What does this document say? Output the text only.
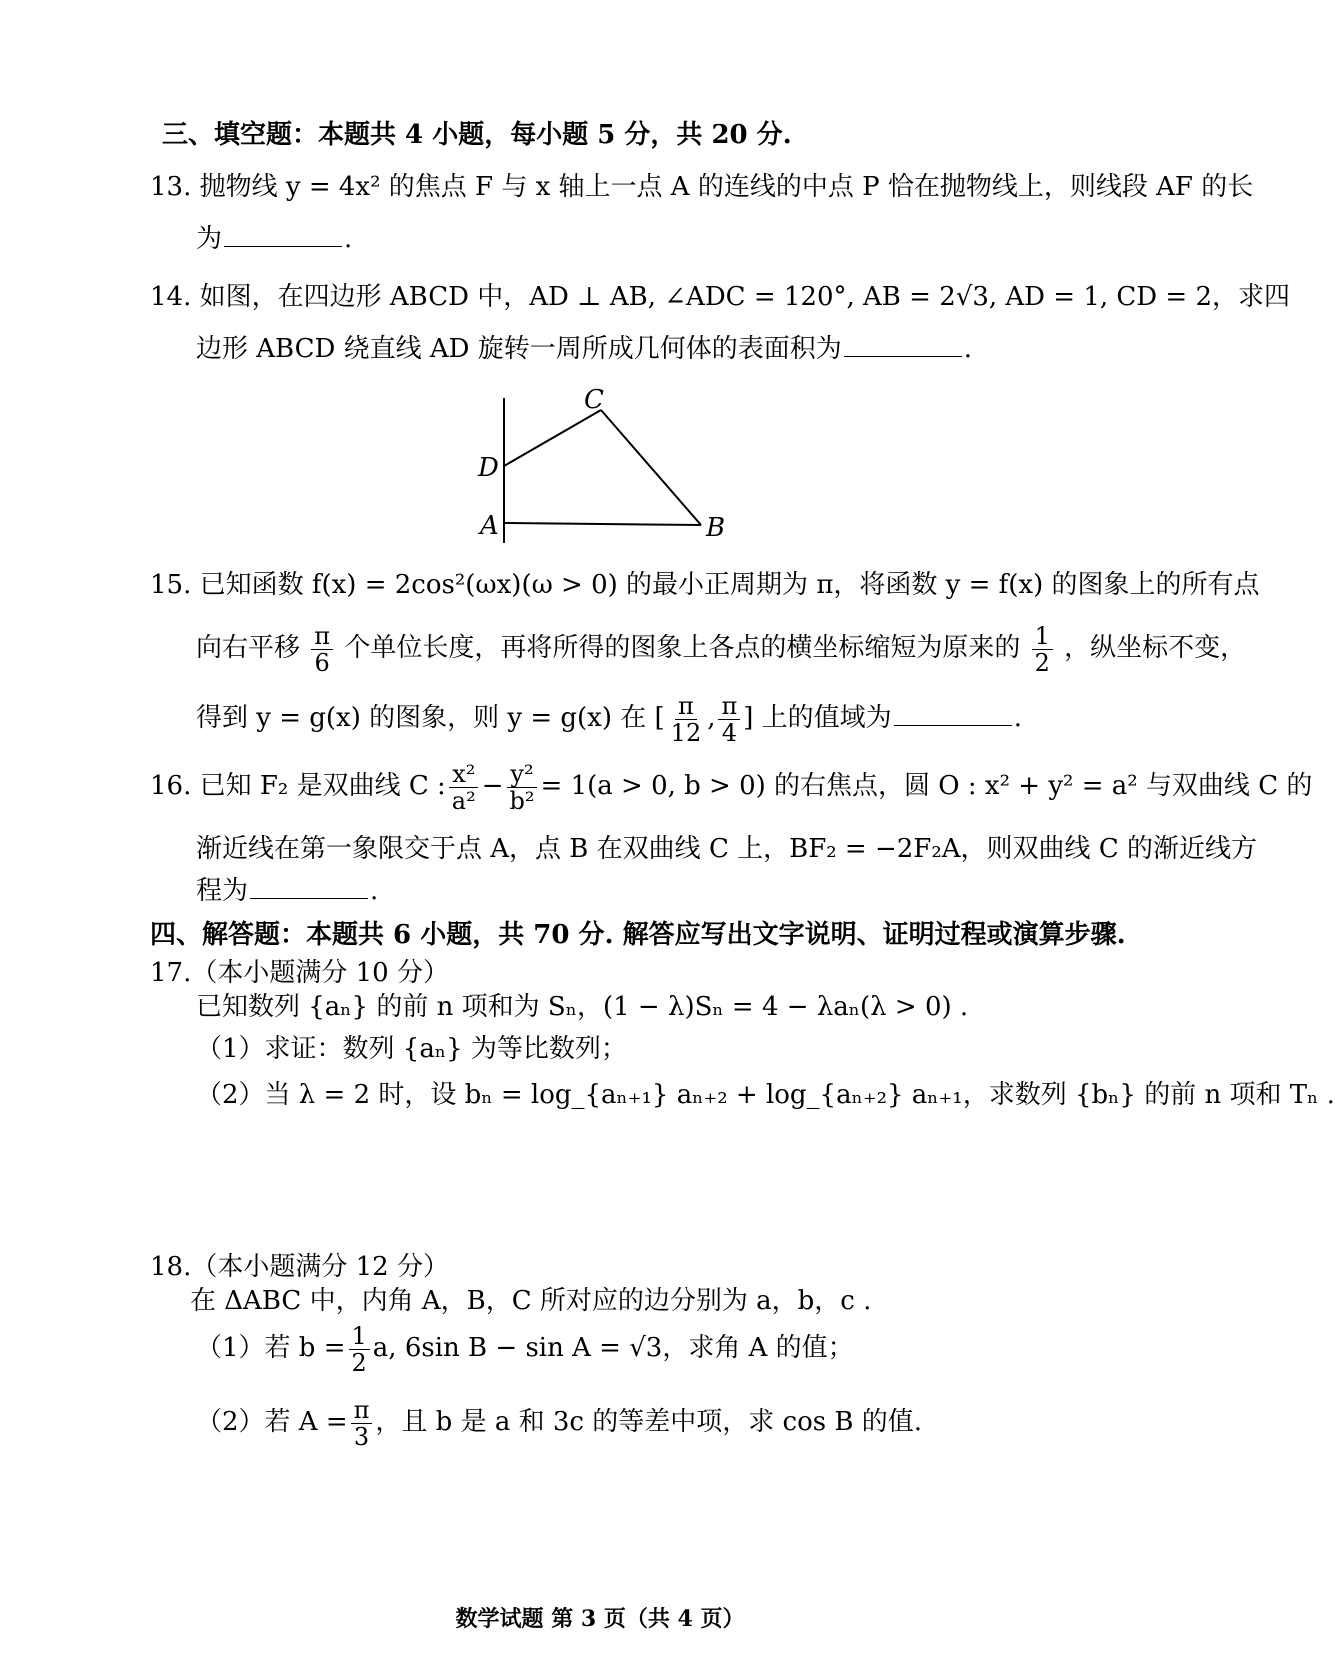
三、填空题：本题共 4 小题，每小题 5 分，共 20 分.
13. 抛物线 y = 4x² 的焦点 F 与 x 轴上一点 A 的连线的中点 P 恰在抛物线上，则线段 AF 的长
为	.
14. 如图，在四边形 ABCD 中，AD ⊥ AB, ∠ADC = 120°, AB = 2√3, AD = 1, CD = 2，求四
边形 ABCD 绕直线 AD 旋转一周所成几何体的表面积为	.
C
D
A	B
15. 已知函数 f(x) = 2cos²(ωx)(ω > 0) 的最小正周期为 π，将函数 y = f(x) 的图象上的所有点
向右平移 $\frac{\pi}{6}$ 个单位长度，再将所得的图象上各点的横坐标缩短为原来的 $\frac{1}{2}$ ，纵坐标不变，
得到 y = g(x) 的图象，则 y = g(x) 在 [ $\frac{\pi}{12}$ , $\frac{\pi}{4}$ ] 上的值域为	.
16. 已知 F₂ 是双曲线 C : $\frac{\text{x²}}{\text{a²}} - \frac{\text{y²}}{\text{b²}} = 1(a > 0$, b > 0) 的右焦点，圆 O : x² + y² = a² 与双曲线 C 的
渐近线在第一象限交于点 A，点 B 在双曲线 C 上，BF₂ = −2F₂A，则双曲线 C 的渐近线方
程为	.
四、解答题：本题共 6 小题，共 70 分. 解答应写出文字说明、证明过程或演算步骤.
17.（本小题满分 10 分）
已知数列 {aₙ} 的前 n 项和为 Sₙ，(1 − λ)Sₙ = 4 − λaₙ(λ > 0) .
（1）求证：数列 {aₙ} 为等比数列；
（2）当 λ = 2 时，设 bₙ = log_{aₙ₊₁} aₙ₊₂ + log_{aₙ₊₂} aₙ₊₁，求数列 {bₙ} 的前 n 项和 Tₙ .
18.（本小题满分 12 分）
在 ΔABC 中，内角 A，B，C 所对应的边分别为 a，b，c .
（1）若 $b = \frac{1}{2} a$, 6sin B − sin A = √3，求角 A 的值；
（2）若 $A = \frac{\pi}{3}$ ，且 b 是 a 和 3c 的等差中项，求 cos B 的值.
数学试题 第 3 页（共 4 页）
